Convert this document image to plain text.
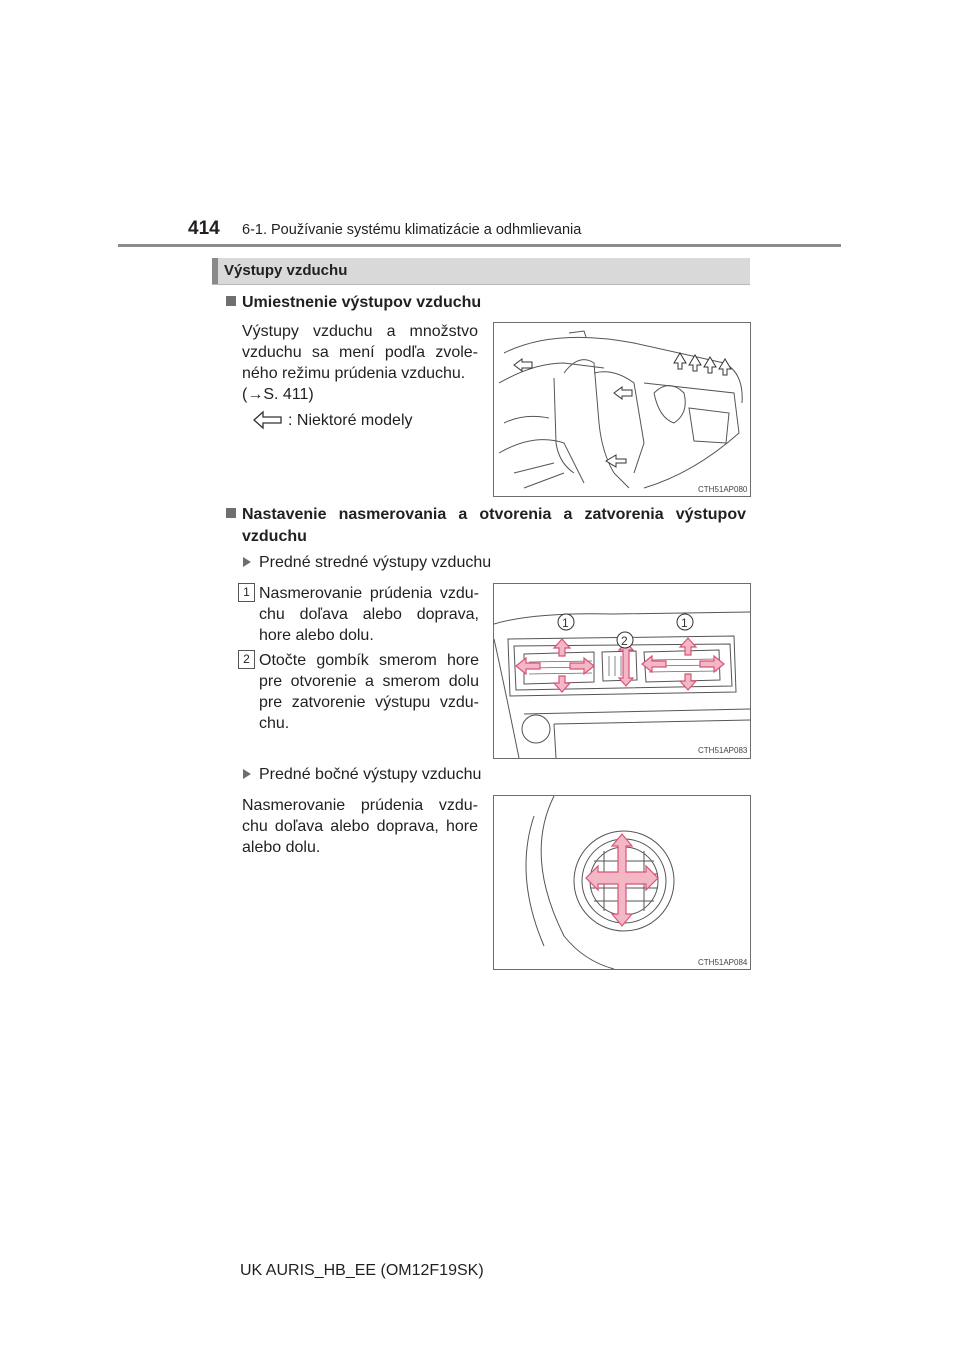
414 6-1. Používanie systému klimatizácie a odhmlievania
Výstupy vzduchu
Umiestnenie výstupov vzduchu
Výstupy vzduchu a množstvo
vzduchu sa mení podľa zvole-
ného režimu prúdenia vzduchu.
(→S. 411)
: Niektoré modely
CTH51AP080
Nastavenie nasmerovania a otvorenia a zatvorenia výstupov
vzduchu
Predné stredné výstupy vzduchu
1 Nasmerovanie prúdenia vzdu-
chu doľava alebo doprava,
hore alebo dolu.
2 Otočte gombík smerom hore
pre otvorenie a smerom dolu
pre zatvorenie výstupu vzdu-
chu.
1	1
2
CTH51AP083
Predné bočné výstupy vzduchu
Nasmerovanie prúdenia vzdu-
chu doľava alebo doprava, hore
alebo dolu.
CTH51AP084
UK AURIS_HB_EE (OM12F19SK)
